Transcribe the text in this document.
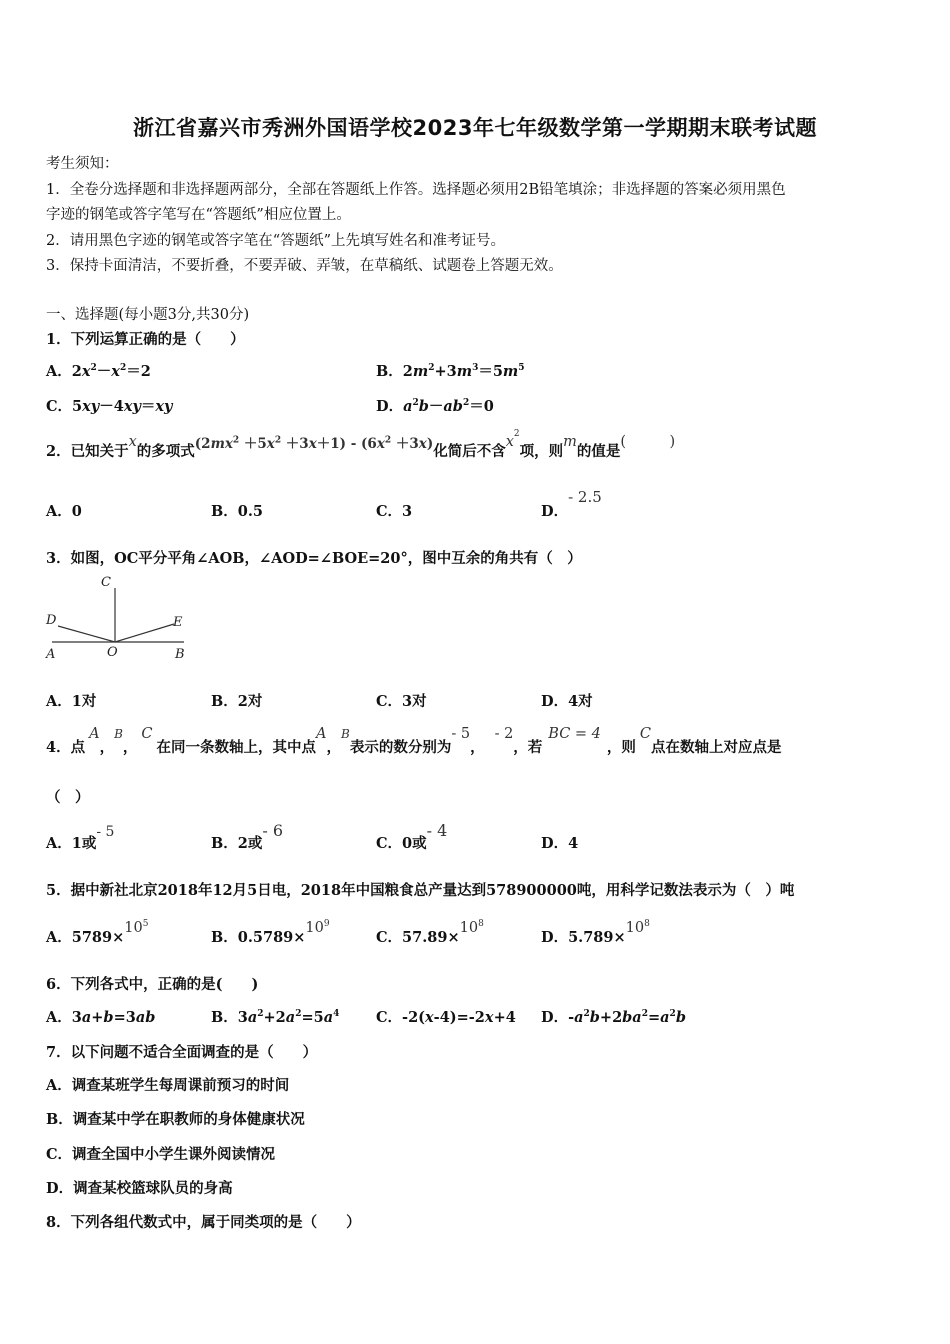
浙江省嘉兴市秀洲外国语学校2023年七年级数学第一学期期末联考试题
考生须知：
1．全卷分选择题和非选择题两部分，全部在答题纸上作答。选择题必须用2B铅笔填涂；非选择题的答案必须用黑色
字迹的钢笔或答字笔写在“答题纸”相应位置上。
2．请用黑色字迹的钢笔或答字笔在“答题纸”上先填写姓名和准考证号。
3．保持卡面清洁，不要折叠，不要弄破、弄皱，在草稿纸、试题卷上答题无效。
一、选择题(每小题3分,共30分)
1．下列运算正确的是（　　）
A．$2x^2-x^2=2$	B．$2m^2+3m^3=5m^5$
C．5xy－4xy＝xy	D．$a^2b-ab^2=0$
2．已知关于x的多项式$(2mx^2 +5x^2 +3x+1) - (6x^2 +3x)$化简后不含$x^2$项，则m的值是(　　　)
A．0	B．0.5	C．3	D．- 2.5
3．如图，OC平分平角∠AOB，∠AOD=∠BOE=20°，图中互余的角共有（　）
C
D	E
A	O	B
A．1对	B．2对	C．3对	D．4对
4．点A，B，C在同一条数轴上，其中点A，B表示的数分别为- 5，- 2，若BC = 4，则C点在数轴上对应点是
（　）
A．1或- 5
B．2或- 6
C．0或- 4
D．4
5．据中新社北京2018年12月5日电，2018年中国粮食总产量达到578900000吨，用科学记数法表示为（　）吨
A．$5789\times 10^5$
B．$0.5789\times 10^9$
C．$57.89\times 10^8$
D．$5.789\times 10^8$
6．下列各式中，正确的是(　　)
A．3a+b=3ab	B．$3a^2+2a^2=5a^4$	C．-2(x-4)=-2x+4 D．$-a^2b+2ba^2=a^2b$
7．以下问题不适合全面调查的是（　　）
A．调查某班学生每周课前预习的时间
B．调查某中学在职教师的身体健康状况
C．调查全国中小学生课外阅读情况
D．调查某校篮球队员的身高
8．下列各组代数式中，属于同类项的是（　　）
